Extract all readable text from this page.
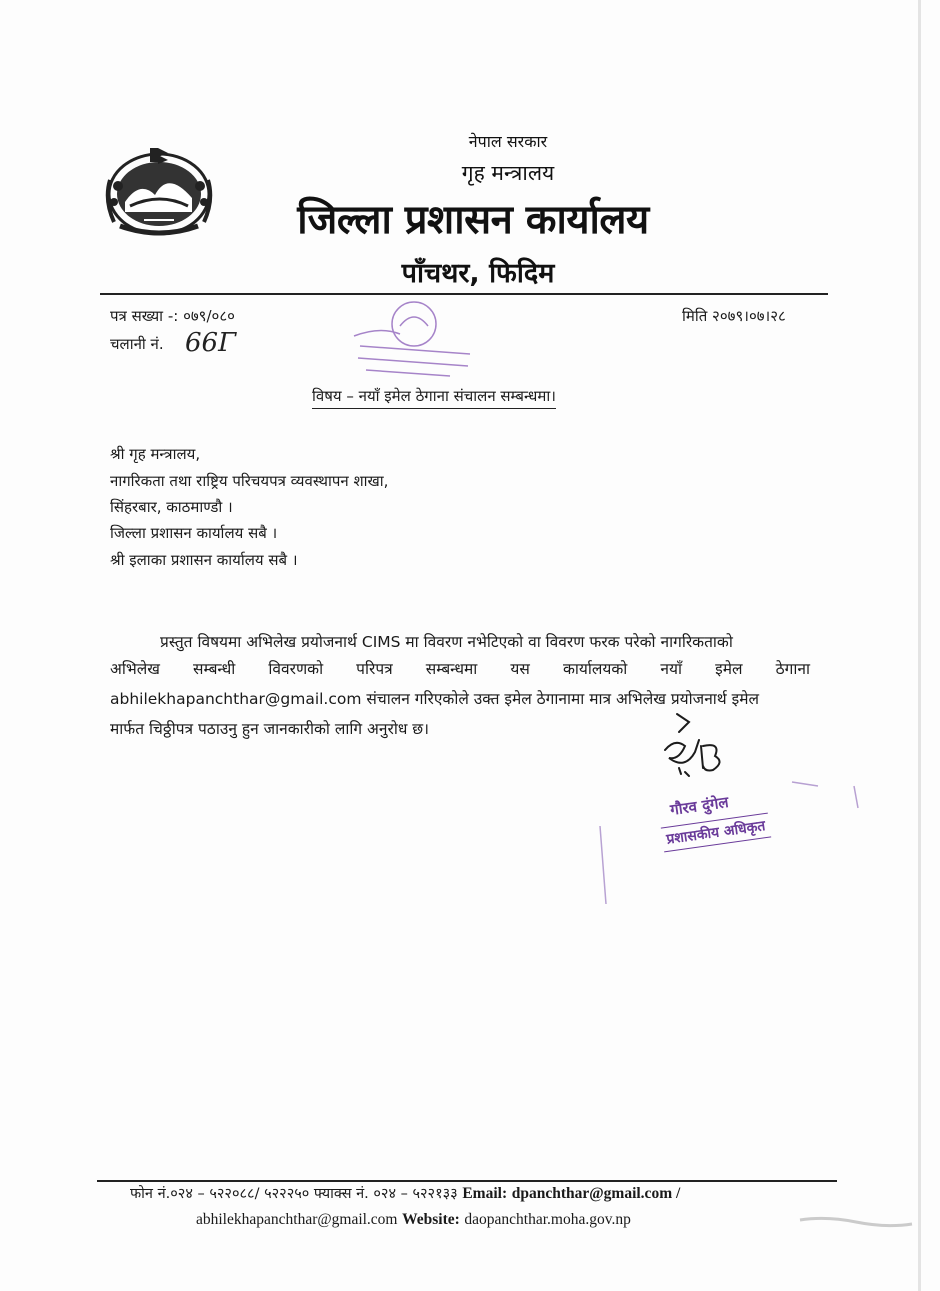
नेपाल सरकार
गृह मन्त्रालय
जिल्ला प्रशासन कार्यालय
पाँचथर, फिदिम
पत्र सख्या -: ०७९/०८०
चलानी नं. 66Γ
मिति २०७९।०७।२८
विषय – नयाँ इमेल ठेगाना संचालन सम्बन्धमा।
श्री गृह मन्त्रालय,
नागरिकता तथा राष्ट्रिय परिचयपत्र व्यवस्थापन शाखा,
सिंहरबार, काठमाण्डौ ।
जिल्ला प्रशासन कार्यालय सबै ।
श्री इलाका प्रशासन कार्यालय सबै ।
प्रस्तुत विषयमा अभिलेख प्रयोजनार्थ CIMS मा विवरण नभेटिएको वा विवरण फरक परेको नागरिकताको
अभिलेख सम्बन्धी विवरणको परिपत्र सम्बन्धमा यस कार्यालयको नयाँ इमेल ठेगाना
abhilekhapanchthar@gmail.com संचालन गरिएकोले उक्त इमेल ठेगानामा मात्र अभिलेख प्रयोजनार्थ इमेल
मार्फत चिठ्ठीपत्र पठाउनु हुन जानकारीको लागि अनुरोध छ।
गौरव दुंगेल
प्रशासकीय अधिकृत
फोन नं.०२४ – ५२२०८८/ ५२२२५० फ्याक्स नं. ०२४ – ५२२१३३ Email: dpanchthar@gmail.com /
abhilekhapanchthar@gmail.com Website: daopanchthar.moha.gov.np
